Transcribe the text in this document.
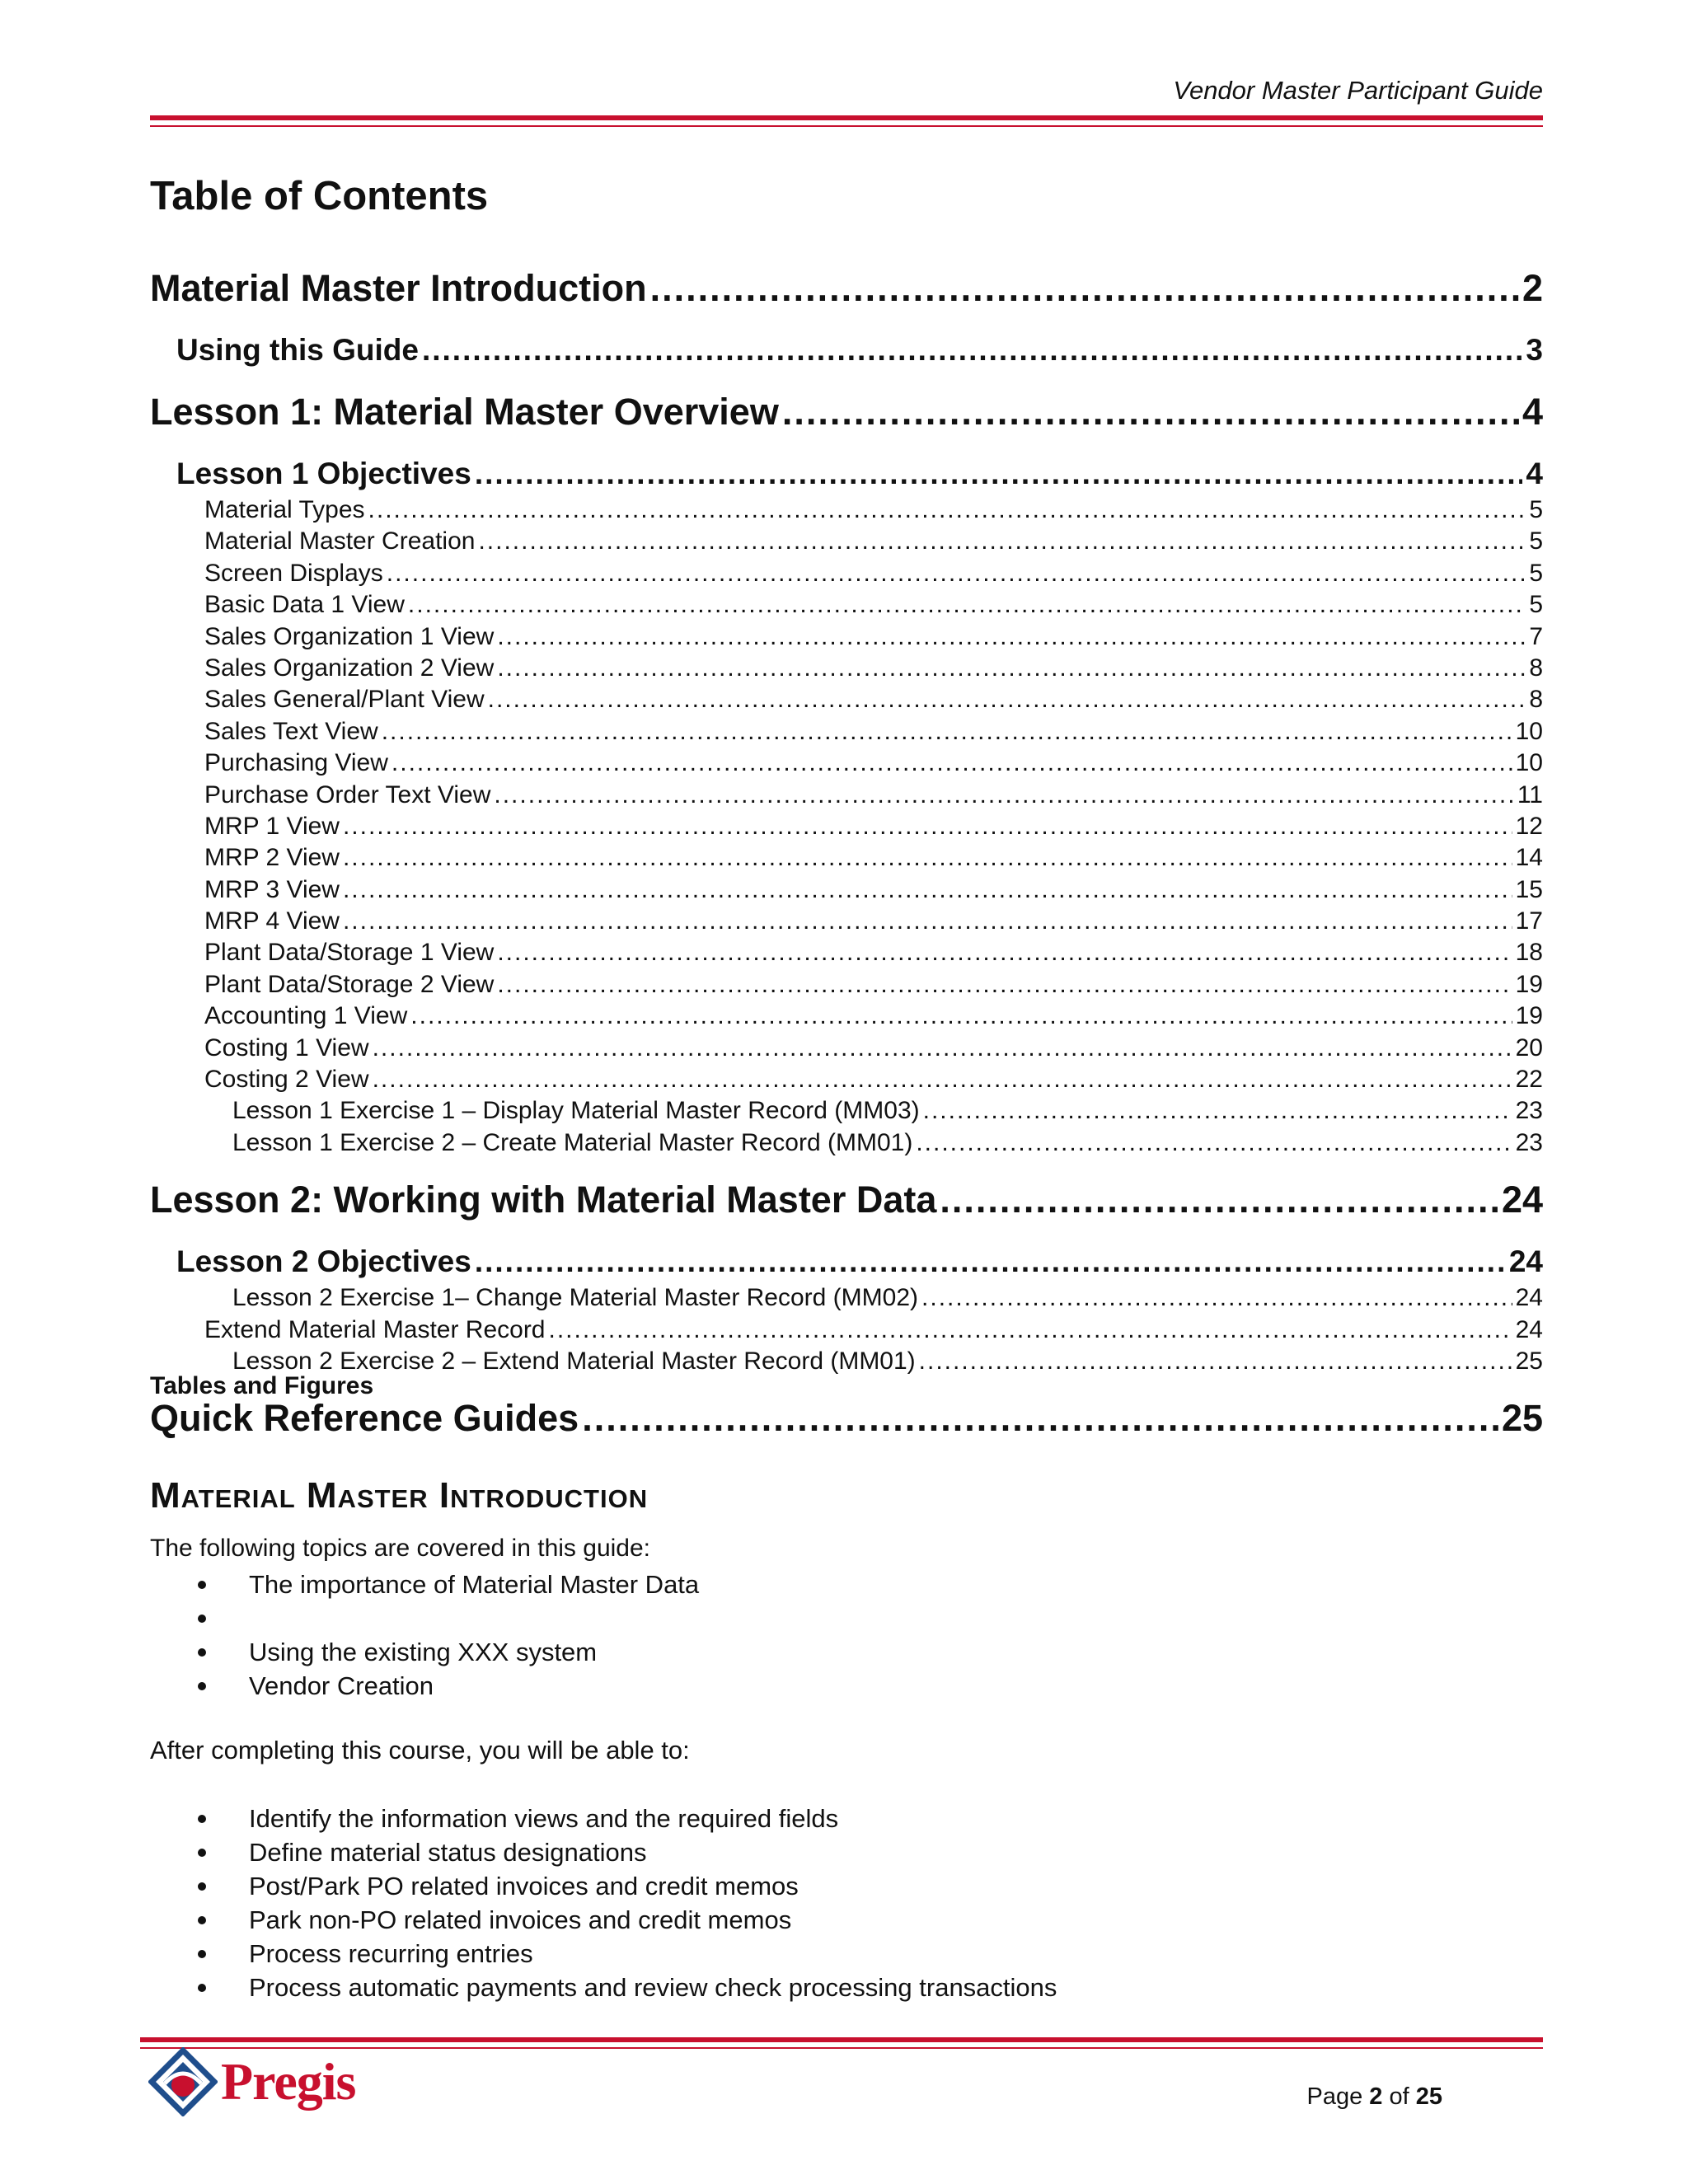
Vendor Master Participant Guide
Table of Contents
Material Master Introduction .....	2
Using this Guide .....	3
Lesson 1: Material Master Overview .....	4
Lesson 1 Objectives .....	4
Material Types .....	5
Material Master Creation .....	5
Screen Displays .....	5
Basic Data 1 View .....	5
Sales Organization 1 View .....	7
Sales Organization 2 View .....	8
Sales General/Plant View .....	8
Sales Text View .....	10
Purchasing View .....	10
Purchase Order Text View .....	11
MRP 1 View .....	12
MRP 2 View .....	14
MRP 3 View .....	15
MRP 4 View .....	17
Plant Data/Storage 1 View .....	18
Plant Data/Storage 2 View .....	19
Accounting 1 View .....	19
Costing 1 View .....	20
Costing 2 View .....	22
Lesson 1 Exercise 1 – Display Material Master Record (MM03) .....	23
Lesson 1 Exercise 2 – Create Material Master Record (MM01) .....	23
Lesson 2: Working with Material Master Data .....	24
Lesson 2 Objectives .....	24
Lesson 2 Exercise 1– Change Material Master Record (MM02) .....	24
Extend Material Master Record .....	24
Lesson 2 Exercise 2 – Extend Material Master Record (MM01) .....	25
Quick Reference Guides .....	25
Tables and Figures
Material Master Introduction
The following topics are covered in this guide:
The importance of Material Master Data
Using the existing XXX system
Vendor Creation
After completing this course, you will be able to:
Identify the information views and the required fields
Define material status designations
Post/Park PO related invoices and credit memos
Park non-PO related invoices and credit memos
Process recurring entries
Process automatic payments and review check processing transactions
Pregis	Page 2 of 25
